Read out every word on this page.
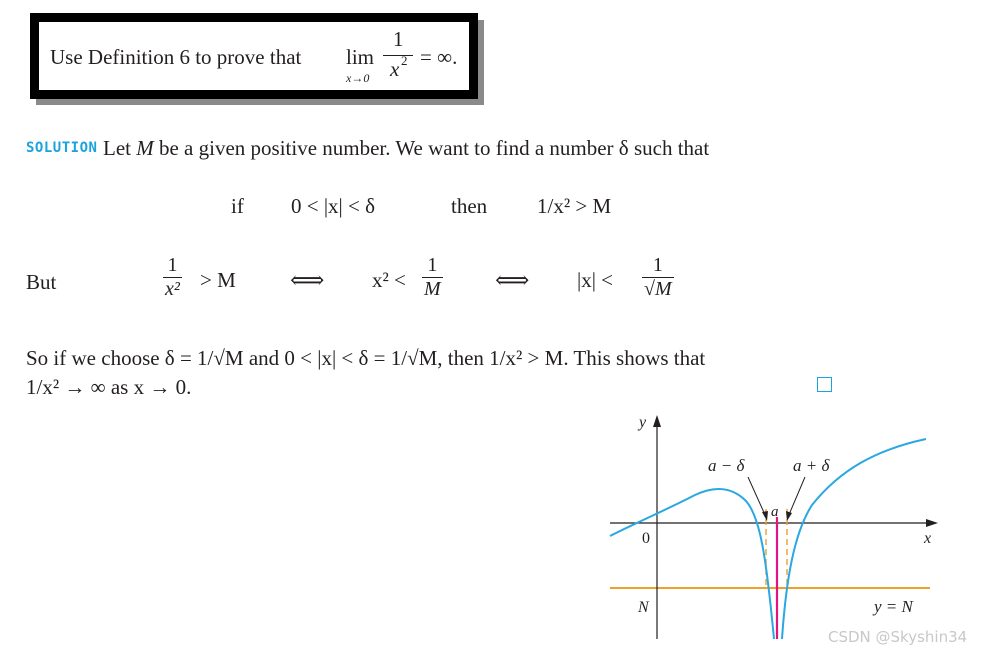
Use Definition 6 to prove that lim
x→0
1
x 2 = ∞.
SOLUTION Let M be a given positive number. We want to find a number δ such that
if 0 < |x| < δ	then 1/x² > M
But	$\frac{1}{\text{x²}} > M$ ⟺ $x^2 < \frac{1}{M}$ ⟺ $|x| < \frac{1}{√M}$
So if we choose δ = 1/√M and 0 < |x| < δ = 1/√M, then 1/x² > M. This shows that
1/x² → ∞ as x → 0.
y
x
0
N
a − δ	a + δ
a
y = N
CSDN @Skyshin34
